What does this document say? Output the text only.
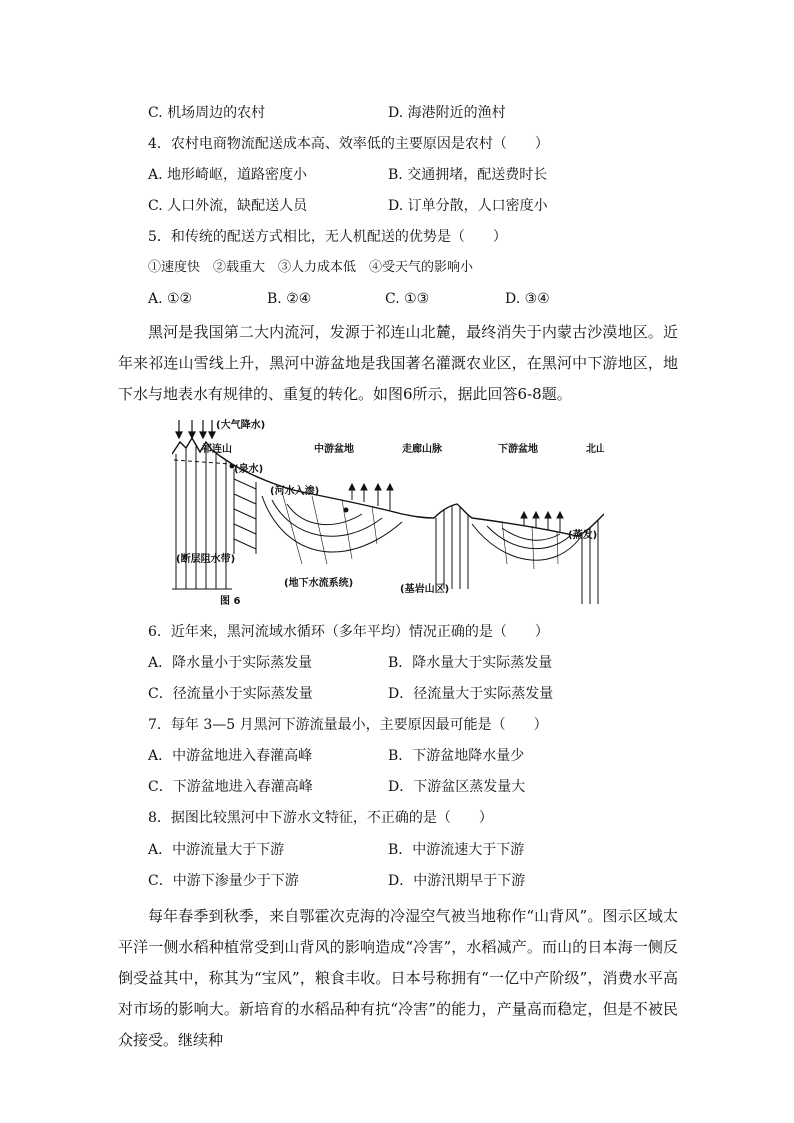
C. 机场周边的农村	D. 海港附近的渔村
4．农村电商物流配送成本高、效率低的主要原因是农村（　　）
A. 地形崎岖，道路密度小	B. 交通拥堵，配送费时长
C. 人口外流，缺配送人员	D. 订单分散，人口密度小
5．和传统的配送方式相比，无人机配送的优势是（　　）
①速度快　②载重大　③人力成本低　④受天气的影响小
A. ①②	B. ②④	C. ①③	D. ③④
黑河是我国第二大内流河，发源于祁连山北麓，最终消失于内蒙古沙漠地区。近年来祁连山雪线上升，黑河中游盆地是我国著名灌溉农业区，在黑河中下游地区，地下水与地表水有规律的、重复的转化。如图6所示，据此回答6-8题。
(大气降水)
祁连山	中游盆地	走廊山脉	下游盆地	北山
(泉水)
(河水入渗)
(断层阻水带)
(地下水流系统)
(基岩山区)
(蒸发)
图 6
6．近年来，黑河流域水循环（多年平均）情况正确的是（　　）
A．降水量小于实际蒸发量	B．降水量大于实际蒸发量
C．径流量小于实际蒸发量	D．径流量大于实际蒸发量
7．每年 3—5 月黑河下游流量最小，主要原因最可能是（　　）
A．中游盆地进入春灌高峰	B．下游盆地降水量少
C．下游盆地进入春灌高峰	D．下游盆区蒸发量大
8．据图比较黑河中下游水文特征，不正确的是（　　）
A．中游流量大于下游	B．中游流速大于下游
C．中游下渗量少于下游	D．中游汛期早于下游
每年春季到秋季，来自鄂霍次克海的冷湿空气被当地称作“山背风”。图示区域太平洋一侧水稻种植常受到山背风的影响造成“冷害”，水稻减产。而山的日本海一侧反倒受益其中，称其为“宝风”，粮食丰收。日本号称拥有“一亿中产阶级”，消费水平高对市场的影响大。新培育的水稻品种有抗“冷害”的能力，产量高而稳定，但是不被民众接受。继续种
